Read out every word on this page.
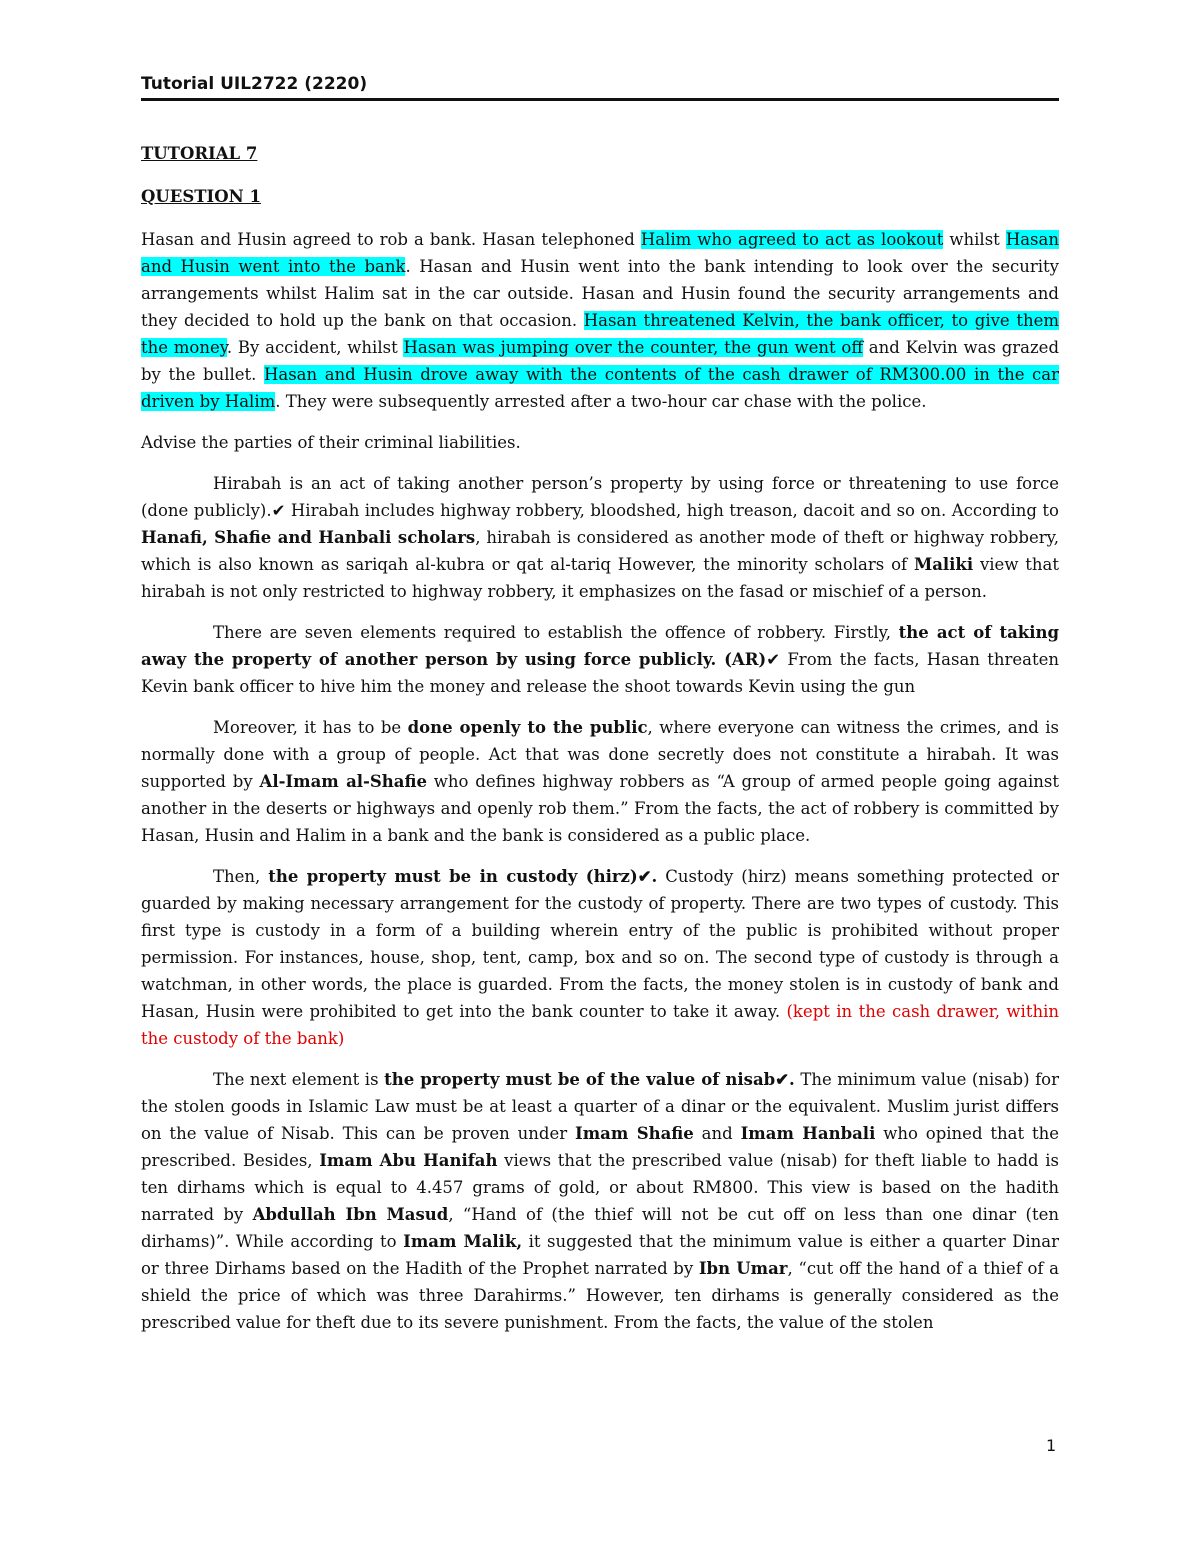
Tutorial UIL2722 (2220)

TUTORIAL 7

QUESTION 1

Hasan and Husin agreed to rob a bank. Hasan telephoned Halim who agreed to act as lookout whilst Hasan and Husin went into the bank. Hasan and Husin went into the bank intending to look over the security arrangements whilst Halim sat in the car outside. Hasan and Husin found the security arrangements and they decided to hold up the bank on that occasion. Hasan threatened Kelvin, the bank officer, to give them the money. By accident, whilst Hasan was jumping over the counter, the gun went off and Kelvin was grazed by the bullet. Hasan and Husin drove away with the contents of the cash drawer of RM300.00 in the car driven by Halim. They were subsequently arrested after a two-hour car chase with the police.

Advise the parties of their criminal liabilities.

Hirabah is an act of taking another person’s property by using force or threatening to use force (done publicly).✔ Hirabah includes highway robbery, bloodshed, high treason, dacoit and so on. According to Hanafi, Shafie and Hanbali scholars, hirabah is considered as another mode of theft or highway robbery, which is also known as sariqah al-kubra or qat al-tariq However, the minority scholars of Maliki view that hirabah is not only restricted to highway robbery, it emphasizes on the fasad or mischief of a person.

There are seven elements required to establish the offence of robbery. Firstly, the act of taking away the property of another person by using force publicly. (AR)✔ From the facts, Hasan threaten Kevin bank officer to hive him the money and release the shoot towards Kevin using the gun

Moreover, it has to be done openly to the public, where everyone can witness the crimes, and is normally done with a group of people. Act that was done secretly does not constitute a hirabah. It was supported by Al-Imam al-Shafie who defines highway robbers as “A group of armed people going against another in the deserts or highways and openly rob them.” From the facts, the act of robbery is committed by Hasan, Husin and Halim in a bank and the bank is considered as a public place.

Then, the property must be in custody (hirz)✔. Custody (hirz) means something protected or guarded by making necessary arrangement for the custody of property. There are two types of custody. This first type is custody in a form of a building wherein entry of the public is prohibited without proper permission. For instances, house, shop, tent, camp, box and so on. The second type of custody is through a watchman, in other words, the place is guarded. From the facts, the money stolen is in custody of bank and Hasan, Husin were prohibited to get into the bank counter to take it away. (kept in the cash drawer, within the custody of the bank)

The next element is the property must be of the value of nisab✔. The minimum value (nisab) for the stolen goods in Islamic Law must be at least a quarter of a dinar or the equivalent. Muslim jurist differs on the value of Nisab. This can be proven under Imam Shafie and Imam Hanbali who opined that the prescribed. Besides, Imam Abu Hanifah views that the prescribed value (nisab) for theft liable to hadd is ten dirhams which is equal to 4.457 grams of gold, or about RM800. This view is based on the hadith narrated by Abdullah Ibn Masud, “Hand of (the thief will not be cut off on less than one dinar (ten dirhams)”. While according to Imam Malik, it suggested that the minimum value is either a quarter Dinar or three Dirhams based on the Hadith of the Prophet narrated by Ibn Umar, “cut off the hand of a thief of a shield the price of which was three Darahirms.” However, ten dirhams is generally considered as the prescribed value for theft due to its severe punishment. From the facts, the value of the stolen

1
